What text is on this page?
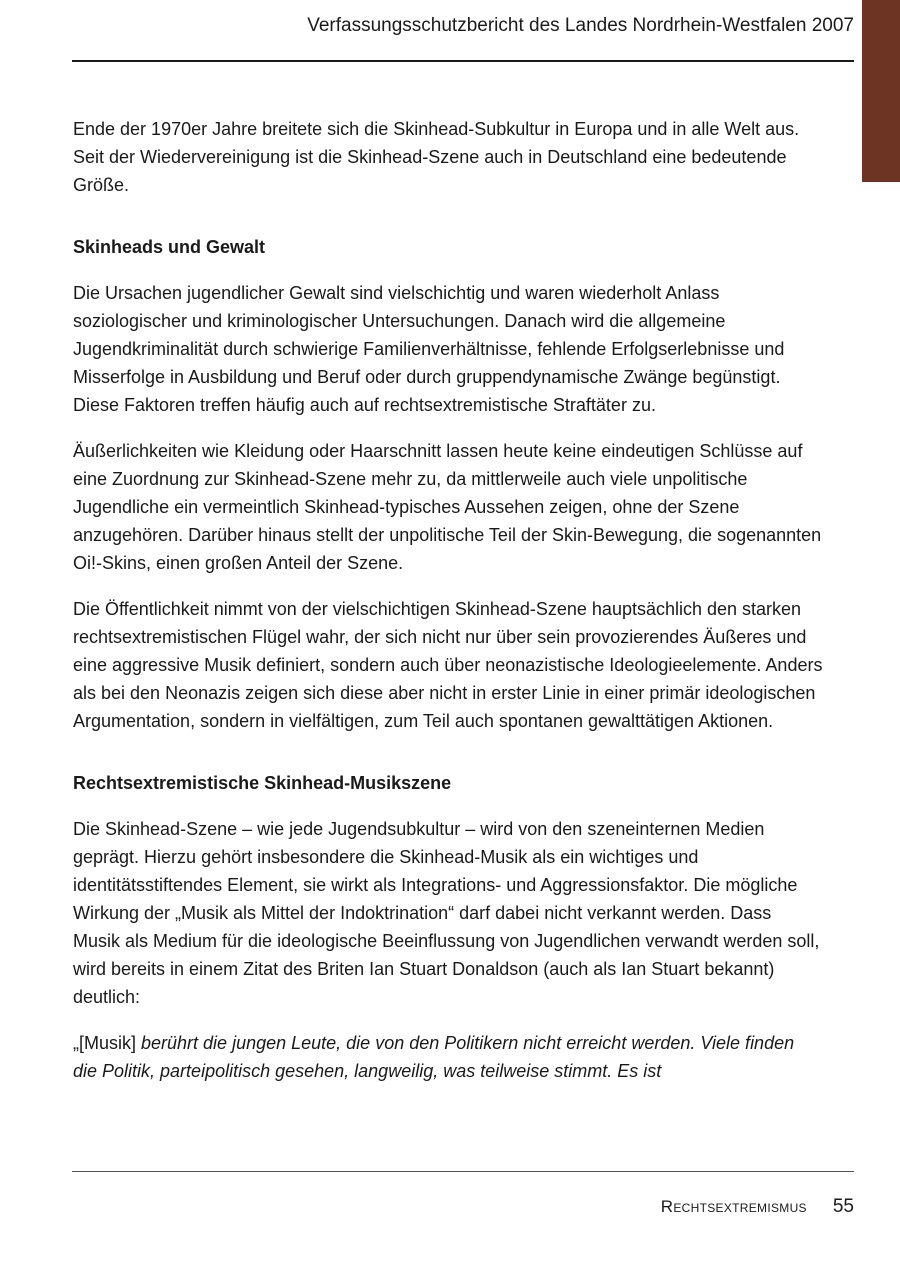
Verfassungsschutzbericht des Landes Nordrhein-Westfalen 2007

Ende der 1970er Jahre breitete sich die Skinhead-Subkultur in Europa und in alle Welt aus. Seit der Wiedervereinigung ist die Skinhead-Szene auch in Deutschland eine bedeutende Größe.

Skinheads und Gewalt

Die Ursachen jugendlicher Gewalt sind vielschichtig und waren wiederholt Anlass soziologischer und kriminologischer Untersuchungen. Danach wird die allgemeine Jugendkriminalität durch schwierige Familienverhältnisse, fehlende Erfolgserlebnisse und Misserfolge in Ausbildung und Beruf oder durch gruppendynamische Zwänge begünstigt. Diese Faktoren treffen häufig auch auf rechtsextremistische Straftäter zu.

Äußerlichkeiten wie Kleidung oder Haarschnitt lassen heute keine eindeutigen Schlüsse auf eine Zuordnung zur Skinhead-Szene mehr zu, da mittlerweile auch viele unpolitische Jugendliche ein vermeintlich Skinhead-typisches Aussehen zeigen, ohne der Szene anzugehören. Darüber hinaus stellt der unpolitische Teil der Skin-Bewegung, die sogenannten Oi!-Skins, einen großen Anteil der Szene.

Die Öffentlichkeit nimmt von der vielschichtigen Skinhead-Szene hauptsächlich den starken rechtsextremistischen Flügel wahr, der sich nicht nur über sein provozierendes Äußeres und eine aggressive Musik definiert, sondern auch über neonazistische Ideologieelemente. Anders als bei den Neonazis zeigen sich diese aber nicht in erster Linie in einer primär ideologischen Argumentation, sondern in vielfältigen, zum Teil auch spontanen gewalttätigen Aktionen.

Rechtsextremistische Skinhead-Musikszene

Die Skinhead-Szene – wie jede Jugendsubkultur – wird von den szeneinternen Medien geprägt. Hierzu gehört insbesondere die Skinhead-Musik als ein wichtiges und identitätsstiftendes Element, sie wirkt als Integrations- und Aggressionsfaktor. Die mögliche Wirkung der „Musik als Mittel der Indoktrination“ darf dabei nicht verkannt werden. Dass Musik als Medium für die ideologische Beeinflussung von Jugendlichen verwandt werden soll, wird bereits in einem Zitat des Briten Ian Stuart Donaldson (auch als Ian Stuart bekannt) deutlich:

„[Musik] berührt die jungen Leute, die von den Politikern nicht erreicht werden. Viele finden die Politik, parteipolitisch gesehen, langweilig, was teilweise stimmt. Es ist

Rechtsextremismus 55
